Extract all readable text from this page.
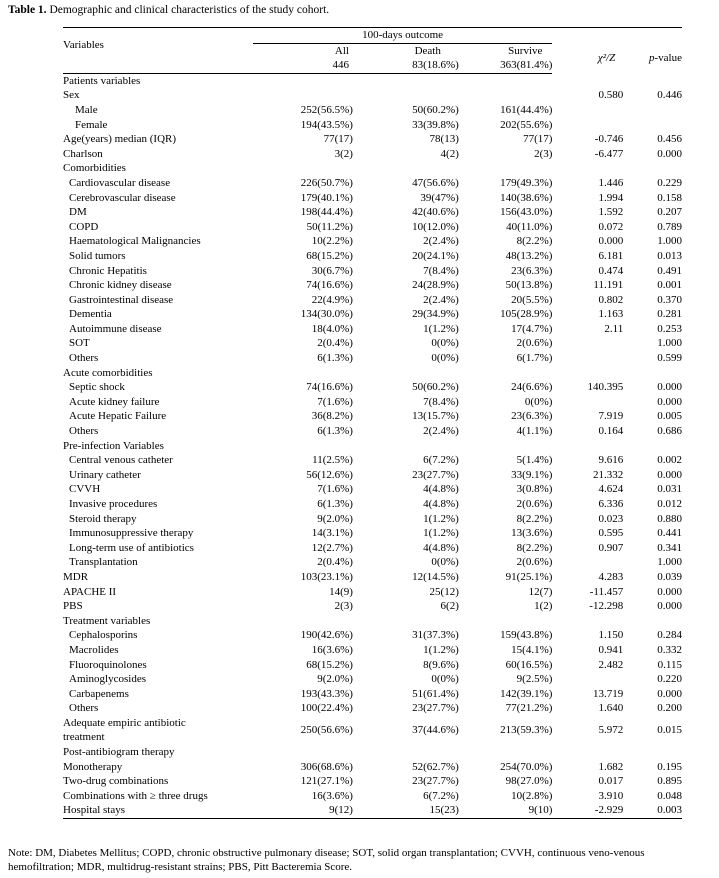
Table 1. Demographic and clinical characteristics of the study cohort.
Variables	100-days outcome				
	All	Death	Survive	χ²/Z	p-value
	446	83(18.6%)	363(81.4%)		
Patients variables					
Sex				0.580	0.446
Male	252(56.5%)	50(60.2%)	161(44.4%)		
Female	194(43.5%)	33(39.8%)	202(55.6%)		
Age(years) median (IQR)	77(17)	78(13)	77(17)	-0.746	0.456
Charlson	3(2)	4(2)	2(3)	-6.477	0.000
Comorbidities					
Cardiovascular disease	226(50.7%)	47(56.6%)	179(49.3%)	1.446	0.229
Cerebrovascular disease	179(40.1%)	39(47%)	140(38.6%)	1.994	0.158
DM	198(44.4%)	42(40.6%)	156(43.0%)	1.592	0.207
COPD	50(11.2%)	10(12.0%)	40(11.0%)	0.072	0.789
Haematological Malignancies	10(2.2%)	2(2.4%)	8(2.2%)	0.000	1.000
Solid tumors	68(15.2%)	20(24.1%)	48(13.2%)	6.181	0.013
Chronic Hepatitis	30(6.7%)	7(8.4%)	23(6.3%)	0.474	0.491
Chronic kidney disease	74(16.6%)	24(28.9%)	50(13.8%)	11.191	0.001
Gastrointestinal disease	22(4.9%)	2(2.4%)	20(5.5%)	0.802	0.370
Dementia	134(30.0%)	29(34.9%)	105(28.9%)	1.163	0.281
Autoimmune disease	18(4.0%)	1(1.2%)	17(4.7%)	2.11	0.253
SOT	2(0.4%)	0(0%)	2(0.6%)		1.000
Others	6(1.3%)	0(0%)	6(1.7%)		0.599
Acute comorbidities					
Septic shock	74(16.6%)	50(60.2%)	24(6.6%)	140.395	0.000
Acute kidney failure	7(1.6%)	7(8.4%)	0(0%)		0.000
Acute Hepatic Failure	36(8.2%)	13(15.7%)	23(6.3%)	7.919	0.005
Others	6(1.3%)	2(2.4%)	4(1.1%)	0.164	0.686
Pre-infection Variables					
Central venous catheter	11(2.5%)	6(7.2%)	5(1.4%)	9.616	0.002
Urinary catheter	56(12.6%)	23(27.7%)	33(9.1%)	21.332	0.000
CVVH	7(1.6%)	4(4.8%)	3(0.8%)	4.624	0.031
Invasive procedures	6(1.3%)	4(4.8%)	2(0.6%)	6.336	0.012
Steroid therapy	9(2.0%)	1(1.2%)	8(2.2%)	0.023	0.880
Immunosuppressive therapy	14(3.1%)	1(1.2%)	13(3.6%)	0.595	0.441
Long-term use of antibiotics	12(2.7%)	4(4.8%)	8(2.2%)	0.907	0.341
Transplantation	2(0.4%)	0(0%)	2(0.6%)		1.000
MDR	103(23.1%)	12(14.5%)	91(25.1%)	4.283	0.039
APACHE II	14(9)	25(12)	12(7)	-11.457	0.000
PBS	2(3)	6(2)	1(2)	-12.298	0.000
Treatment variables					
Cephalosporins	190(42.6%)	31(37.3%)	159(43.8%)	1.150	0.284
Macrolides	16(3.6%)	1(1.2%)	15(4.1%)	0.941	0.332
Fluoroquinolones	68(15.2%)	8(9.6%)	60(16.5%)	2.482	0.115
Aminoglycosides	9(2.0%)	0(0%)	9(2.5%)		0.220
Carbapenems	193(43.3%)	51(61.4%)	142(39.1%)	13.719	0.000
Others	100(22.4%)	23(27.7%)	77(21.2%)	1.640	0.200
Adequate empiric antibiotic
treatment	250(56.6%)	37(44.6%)	213(59.3%)	5.972	0.015
Post-antibiogram therapy					
Monotherapy	306(68.6%)	52(62.7%)	254(70.0%)	1.682	0.195
Two-drug combinations	121(27.1%)	23(27.7%)	98(27.0%)	0.017	0.895
Combinations with ≥ three drugs	16(3.6%)	6(7.2%)	10(2.8%)	3.910	0.048
Hospital stays	9(12)	15(23)	9(10)	-2.929	0.003
Note: DM, Diabetes Mellitus; COPD, chronic obstructive pulmonary disease; SOT, solid organ transplantation; CVVH, continuous veno-venous hemofiltration; MDR, multidrug-resistant strains; PBS, Pitt Bacteremia Score.
